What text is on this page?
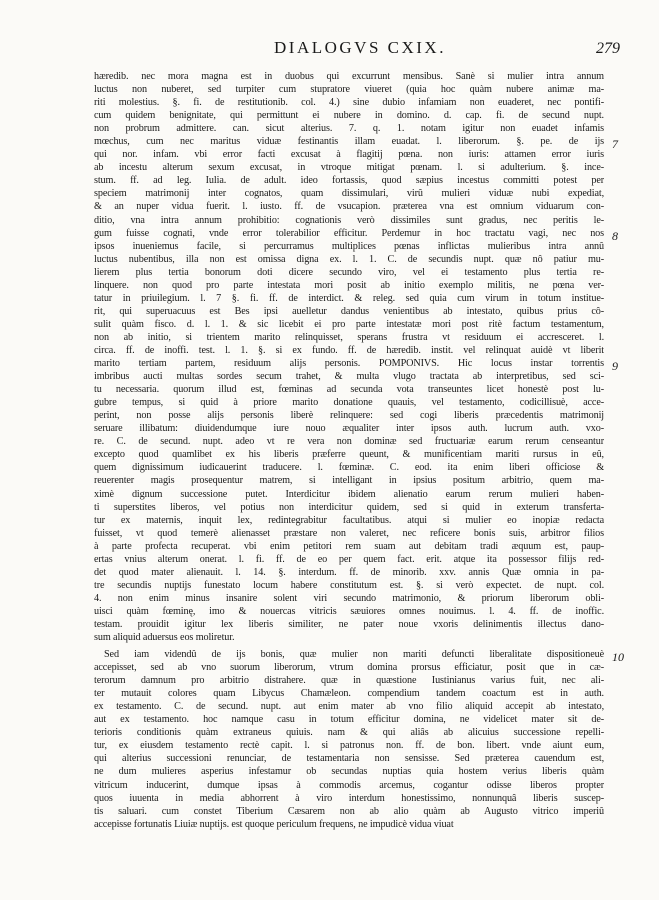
DIALOGVS CXIX.	279
hæredib. nec mora magna est in duobus qui excurrunt mensibus. Sanè si mulier intra annum
luctus non nuberet, sed turpiter cum stupratore viueret (quia hoc quàm nubere animæ ma-
riti molestius. §. fi. de restitutionib. col. 4.) sine dubio infamiam non euaderet, nec pontifi-
cum quidem benignitate, qui permittunt ei nubere in domino. d. cap. fi. de secund nupt.
non probrum admittere. can. sicut alterius. 7. q. 1. notam igitur non euadet infamis
mœchus, cum nec maritus viduæ festinantis illam euadat. l. liberorum. §. pe. de ijs
qui nor. infam. vbi error facti excusat à flagitij pœna. non iuris: attamen error iuris
ab incestu alterum sexum excusat, in vtroque mitigat pœnam. l. si adulterium. §. ince-
stum. ff. ad leg. Iulia. de adult. ideo fortassis, quod sæpius incestus committi potest per
speciem matrimonij inter cognatos, quam dissimulari, virû mulieri viduæ nubi expediat,
& an nuper vidua fuerit. l. iusto. ff. de vsucapion. præterea vna est omnium viduarum con-
ditio, vna intra annum prohibitio: cognationis verò dissimiles sunt gradus, nec peritis le-
gum fuisse cognati, vnde error tolerabilior efficitur. Perdemur in hoc tractatu vagi, nec nos
ipsos inueniemus facile, si percurramus multiplices pœnas inflictas mulieribus intra annû
luctus nubentibus, illa non est omissa digna ex. l. 1. C. de secundis nupt. quæ nô patiur mu-
lierem plus tertia bonorum doti dicere secundo viro, vel ei testamento plus tertia re-
linquere. non quod pro parte intestata mori posit ab initio exemplo militis, ne pœna ver-
tatur in priuilegium. l. 7 §. fi. ff. de interdict. & releg. sed quia cum virum in totum institue-
rit, qui superuacuus est Bes ipsi auelletur dandus venientibus ab intestato, quibus prius cô-
sulit quàm fisco. d. l. 1. & sic licebit ei pro parte intestatæ mori post ritè factum testamentum,
non ab initio, si trientem marito relinquisset, sperans frustra vt residuum ei accresceret. l.
circa. ff. de inoffi. test. l. 1. §. si ex fundo. ff. de hæredib. instit. vel relinquat auidè vt liberit
marito tertiam partem, residuum alijs personis. POMPONIVS. Hic locus instar torrentis
imbribus aucti multas sordes secum trahet, & multa vlugo tractata ab interpretibus, sed sci-
tu necessaria. quorum illud est, fœminas ad secunda vota transeuntes licet honestè post lu-
gubre tempus, si quid à priore marito donatione quauis, vel testamento, codicillisuè, acce-
perint, non posse alijs personis liberè relinquere: sed cogi liberis præcedentis matrimonij
seruare illibatum: diuidendumque iure nouo æqualiter inter ipsos auth. lucrum auth. vxo-
re. C. de secund. nupt. adeo vt re vera non dominæ sed fructuariæ earum rerum censeantur
excepto quod quamlibet ex his liberis præferre queunt, & munificentiam mariti rursus in eû,
quem dignissimum iudicauerint traducere. l. fœminæ. C. eod. ita enim liberi officiose &
reuerenter magis prosequentur matrem, si intelligant in ipsius positum arbitrio, quem ma-
ximè dignum successione putet. Interdicitur ibidem alienatio earum rerum mulieri haben-
ti superstites liberos, vel potius non interdicitur quidem, sed si quid in exterum transferta-
tur ex maternis, inquit lex, redintegrabitur facultatibus. atqui si mulier eo inopiæ redacta
fuisset, vt quod temerè alienasset præstare non valeret, nec reficere bonis suis, arbitror filios
à parte profecta recuperat. vbi enim petitori rem suam aut debitam tradi æquum est, paup-
ertas vnius alterum onerat. l. fi. ff. de eo per quem fact. erit. atque ita possessor filijs red-
det quod mater alienauit. l. 14. §. interdum. ff. de minorib. xxv. annis Quæ omnia in pa-
tre secundis nuptijs funestato locum habere constitutum est. §. si verò expectet. de nupt. col.
4. non enim minus insanire solent viri secundo matrimonio, & priorum liberorum obli-
uisci quàm fœminę, imo & nouercas vitricis sæuiores omnes nouimus. l. 4. ff. de inoffic.
testam. prouidit igitur lex liberis similiter, ne pater noue vxoris delinimentis illectus dano-
sum aliquid aduersus eos moliretur.
Sed iam videndû de ijs bonis, quæ mulier non mariti defuncti liberalitate dispositioneuè
accepisset, sed ab vno suorum liberorum, vtrum domina prorsus efficiatur, posit que in cæ-
terorum damnum pro arbitrio distrahere. quæ in quæstione Iustinianus varius fuit, nec ali-
ter mutauit colores quam Libycus Chamæleon. compendium tandem coactum est in auth.
ex testamento. C. de secund. nupt. aut enim mater ab vno filio aliquid accepit ab intestato,
aut ex testamento. hoc namque casu in totum efficitur domina, ne videlicet mater sit de-
terioris conditionis quàm extraneus quiuis. nam & qui aliâs ab alicuius successione repelli-
tur, ex eiusdem testamento rectè capit. l. si patronus non. ff. de bon. libert. vnde aiunt eum,
qui alterius successioni renunciar, de testamentaria non sensisse. Sed præterea cauendum est,
ne dum mulieres asperius infestamur ob secundas nuptias quia hostem verius liberis quàm
vitricum inducerint, dumque ipsas à commodis arcemus, cogantur odisse liberos propter
quos iuuenta in media abhorrent à viro interdum honestissimo, nonnunquâ liberis suscep-
tis saluari. cum constet Tiberium Cæsarem non ab alio quàm ab Augusto vitrico imperiû
accepisse fortunatis Liuiæ nuptijs. est quoque periculum frequens, ne impudicè vidua viuat
7
8
9
10
